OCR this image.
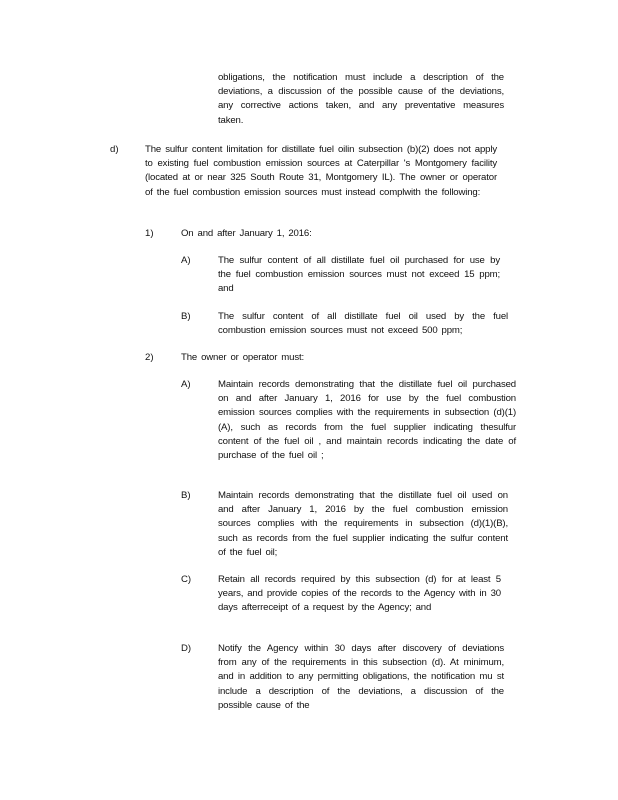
obligations, the notification must include a description of the deviations, a discussion of the possible cause of the deviations, any corrective actions taken, and any preventative measures taken.
d)	The sulfur content limitation for distillate fuel oilin subsection (b)(2) does not apply to existing fuel combustion emission sources at Caterpillar 's Montgomery facility (located at or near 325 South Route 31, Montgomery IL). The owner or operator of the fuel combustion emission sources must instead complwith the following:
1)	On and after January 1, 2016:
A)	The sulfur content of all distillate fuel oil purchased for use by the fuel combustion emission sources must not exceed 15 ppm; and
B)	The sulfur content of all distillate fuel oil used by the fuel combustion emission sources must not exceed 500 ppm;
2)	The owner or operator must:
A)	Maintain records demonstrating that the distillate fuel oil purchased on and after January 1, 2016 for use by the fuel combustion emission sources complies with the requirements in subsection (d)(1)(A), such as records from the fuel supplier indicating thesulfur content of the fuel oil , and maintain records indicating the date of purchase of the fuel oil ;
B)	Maintain records demonstrating that the distillate fuel oil used on and after January 1, 2016 by the fuel combustion emission sources complies with the requirements in subsection (d)(1)(B), such as records from the fuel supplier indicating the sulfur content of the fuel oil;
C)	Retain all records required by this subsection (d) for at least 5 years, and provide copies of the records to the Agency with in 30 days afterreceipt of a request by the Agency; and
D)	Notify the Agency within 30 days after discovery of deviations from any of the requirements in this subsection (d). At minimum, and in addition to any permitting obligations, the notification mu st include a description of the deviations, a discussion of the possible cause of the
